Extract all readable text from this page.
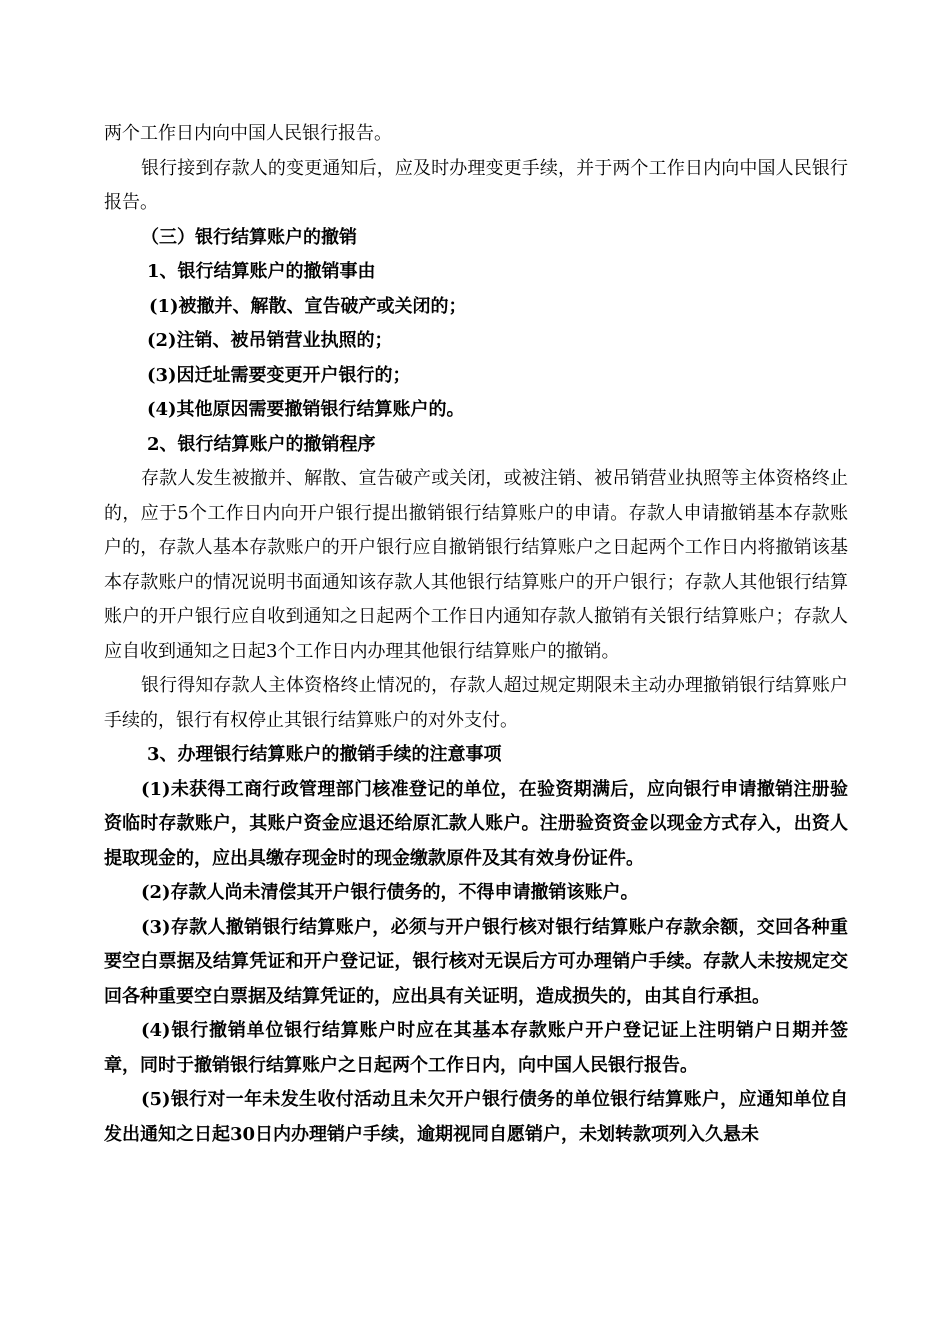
两个工作日内向中国人民银行报告。

银行接到存款人的变更通知后，应及时办理变更手续，并于两个工作日内向中国人民银行报告。

（三）银行结算账户的撤销

1、银行结算账户的撤销事由

(1)被撤并、解散、宣告破产或关闭的；

(2)注销、被吊销营业执照的；

(3)因迁址需要变更开户银行的；

(4)其他原因需要撤销银行结算账户的。

2、银行结算账户的撤销程序

存款人发生被撤并、解散、宣告破产或关闭，或被注销、被吊销营业执照等主体资格终止的，应于5个工作日内向开户银行提出撤销银行结算账户的申请。存款人申请撤销基本存款账户的，存款人基本存款账户的开户银行应自撤销银行结算账户之日起两个工作日内将撤销该基本存款账户的情况说明书面通知该存款人其他银行结算账户的开户银行；存款人其他银行结算账户的开户银行应自收到通知之日起两个工作日内通知存款人撤销有关银行结算账户；存款人应自收到通知之日起3个工作日内办理其他银行结算账户的撤销。

银行得知存款人主体资格终止情况的，存款人超过规定期限未主动办理撤销银行结算账户手续的，银行有权停止其银行结算账户的对外支付。

3、办理银行结算账户的撤销手续的注意事项

(1)未获得工商行政管理部门核准登记的单位，在验资期满后，应向银行申请撤销注册验资临时存款账户，其账户资金应退还给原汇款人账户。注册验资资金以现金方式存入，出资人提取现金的，应出具缴存现金时的现金缴款原件及其有效身份证件。

(2)存款人尚未清偿其开户银行债务的，不得申请撤销该账户。

(3)存款人撤销银行结算账户，必须与开户银行核对银行结算账户存款余额，交回各种重要空白票据及结算凭证和开户登记证，银行核对无误后方可办理销户手续。存款人未按规定交回各种重要空白票据及结算凭证的，应出具有关证明，造成损失的，由其自行承担。

(4)银行撤销单位银行结算账户时应在其基本存款账户开户登记证上注明销户日期并签章，同时于撤销银行结算账户之日起两个工作日内，向中国人民银行报告。

(5)银行对一年未发生收付活动且未欠开户银行债务的单位银行结算账户，应通知单位自发出通知之日起30日内办理销户手续，逾期视同自愿销户，未划转款项列入久悬未
